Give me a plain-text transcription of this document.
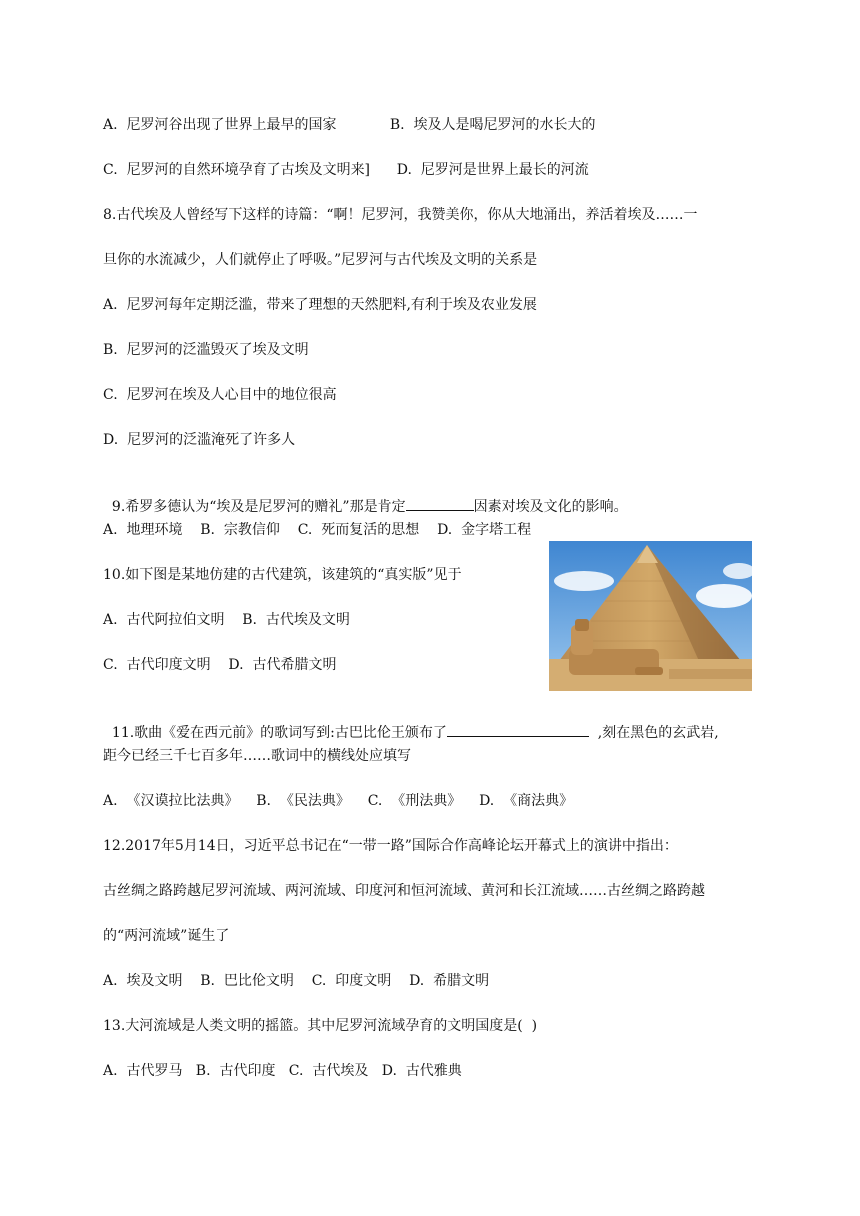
A.  尼罗河谷出现了世界上最早的国家            B.  埃及人是喝尼罗河的水长大的
C.  尼罗河的自然环境孕育了古埃及文明来]      D.  尼罗河是世界上最长的河流
8.古代埃及人曾经写下这样的诗篇：“啊！尼罗河，我赞美你，你从大地涌出，养活着埃及……一
旦你的水流减少，人们就停止了呼吸。”尼罗河与古代埃及文明的关系是
A.  尼罗河每年定期泛滥，带来了理想的天然肥料,有利于埃及农业发展
B.  尼罗河的泛滥毁灭了埃及文明
C.  尼罗河在埃及人心目中的地位很高
D.  尼罗河的泛滥淹死了许多人

9.希罗多德认为“埃及是尼罗河的赠礼”那是肯定	因素对埃及文化的影响。

A.  地理环境    B.  宗教信仰    C.  死而复活的思想    D.  金字塔工程
10.如下图是某地仿建的古代建筑，该建筑的“真实版”见于
A.  古代阿拉伯文明    B.  古代埃及文明
C.  古代印度文明    D.  古代希腊文明

11.歌曲《爱在西元前》的歌词写到:古巴比伦王颁布了	,刻在黑色的玄武岩,

距今已经三千七百多年……歌词中的横线处应填写
A.  《汉谟拉比法典》    B.  《民法典》    C.  《刑法典》    D.  《商法典》
12.2017年5月14日，习近平总书记在“一带一路”国际合作高峰论坛开幕式上的演讲中指出：
古丝绸之路跨越尼罗河流域、两河流域、印度河和恒河流域、黄河和长江流域……古丝绸之路跨越
的“两河流域”诞生了
A.  埃及文明    B.  巴比伦文明    C.  印度文明    D.  希腊文明
13.大河流域是人类文明的摇篮。其中尼罗河流域孕育的文明国度是(  )
A.  古代罗马   B.  古代印度   C.  古代埃及   D.  古代雅典
